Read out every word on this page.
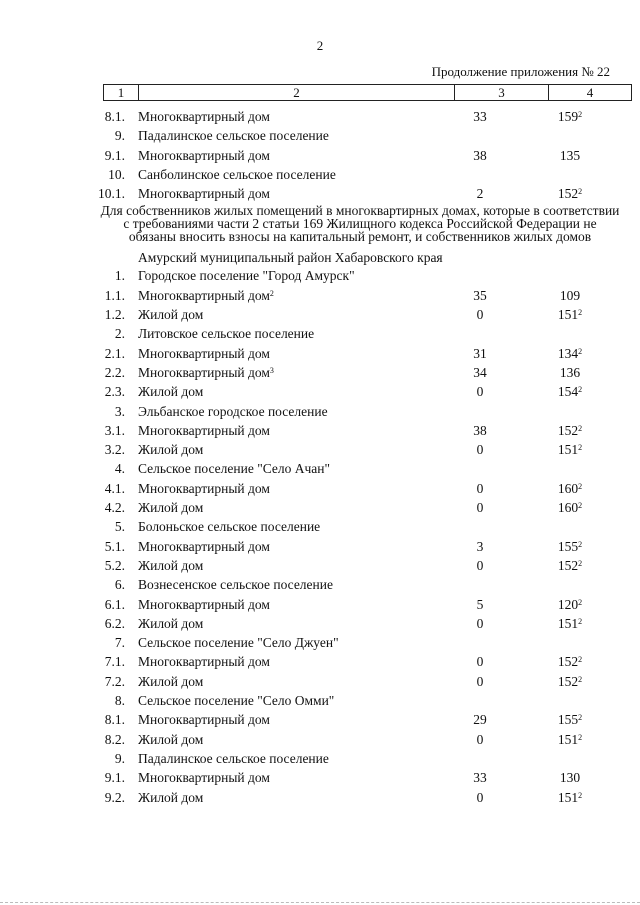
2
Продолжение приложения № 22
1	2	3	4
8.1. Многоквартирный дом	33	$159^2$
9. Падалинское сельское поселение
9.1. Многоквартирный дом	38	135
10. Санболинское сельское поселение
10.1. Многоквартирный дом	2	$152^2$
Для собственников жилых помещений в многоквартирных домах, которые в соответствии с требованиями части 2 статьи 169 Жилищного кодекса Российской Федерации не обязаны вносить взносы на капитальный ремонт, и собственников жилых домов
Амурский муниципальный район Хабаровского края
1. Городское поселение "Город Амурск"
1.1. Многоквартирный дом$^2$	35	109
1.2. Жилой дом	0	$151^2$
2. Литовское сельское поселение
2.1. Многоквартирный дом	31	$134^2$
2.2. Многоквартирный дом$^3$	34	136
2.3. Жилой дом	0	$154^2$
3. Эльбанское городское поселение
3.1. Многоквартирный дом	38	$152^2$
3.2. Жилой дом	0	$151^2$
4. Сельское поселение "Село Ачан"
4.1. Многоквартирный дом	0	$160^2$
4.2. Жилой дом	0	$160^2$
5. Болоньское сельское поселение
5.1. Многоквартирный дом	3	$155^2$
5.2. Жилой дом	0	$152^2$
6. Вознесенское сельское поселение
6.1. Многоквартирный дом	5	$120^2$
6.2. Жилой дом	0	$151^2$
7. Сельское поселение "Село Джуен"
7.1. Многоквартирный дом	0	$152^2$
7.2. Жилой дом	0	$152^2$
8. Сельское поселение "Село Омми"
8.1. Многоквартирный дом	29	$155^2$
8.2. Жилой дом	0	$151^2$
9. Падалинское сельское поселение
9.1. Многоквартирный дом	33	130
9.2. Жилой дом	0	$151^2$
